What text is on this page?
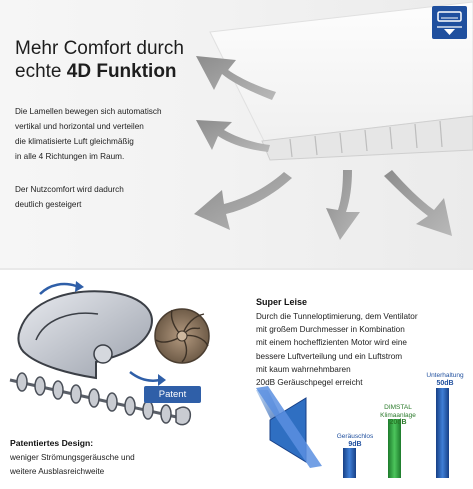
Mehr Comfort durch
echte 4D Funktion
Die Lamellen bewegen sich automatisch
vertikal und horizontal und verteilen
die klimatisierte Luft gleichmäßig
in alle 4 Richtungen im Raum.
Der Nutzcomfort wird dadurch
deutlich gesteigert
Geräuschlos
9dB
DIMSTAL
Klimaanlage
20dB
Unterhaltung
50dB
Patent
Patentiertes Design:
weniger Strömungsgeräusche und
weitere Ausblasreichweite
Super Leise
Durch die Tunneloptimierung, dem Ventilator
mit großem Durchmesser in Kombination
mit einem hocheffizienten Motor wird eine
bessere Luftverteilung und ein Luftstrom
mit kaum wahrnehmbaren
20dB Geräuschpegel erreicht
